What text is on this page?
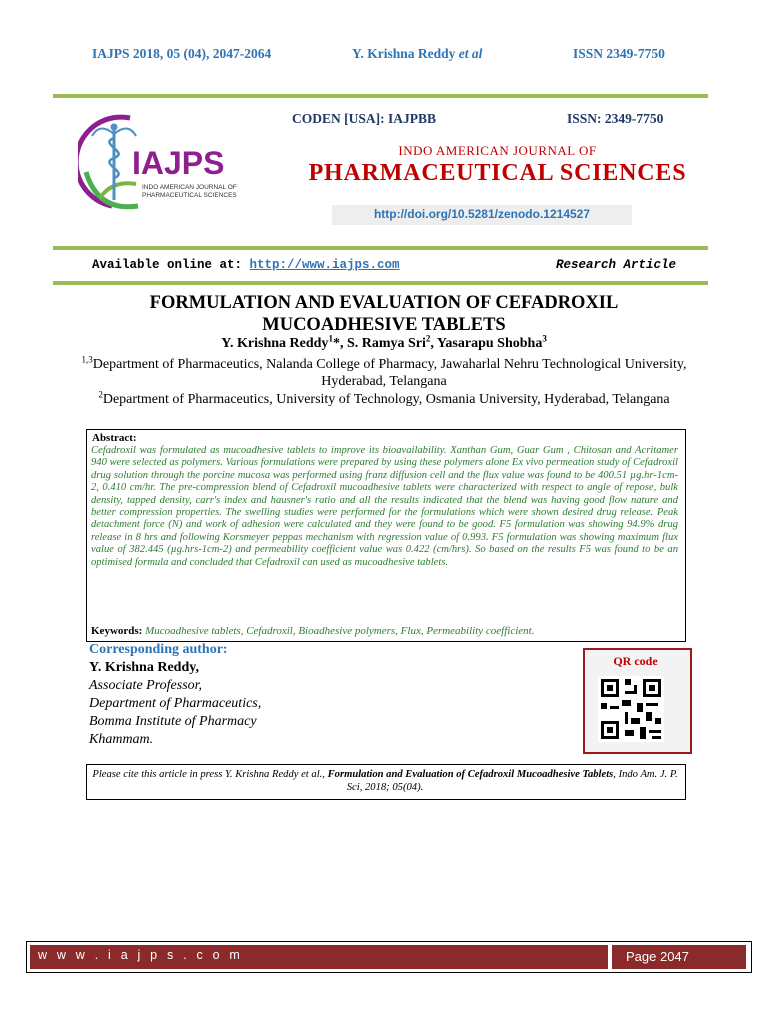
IAJPS 2018, 05 (04), 2047-2064	Y. Krishna Reddy et al	ISSN 2349-7750
IAJPS
INDO AMERICAN JOURNAL OF
PHARMACEUTICAL SCIENCES
CODEN [USA]: IAJPBB	ISSN: 2349-7750
INDO AMERICAN JOURNAL OF
PHARMACEUTICAL SCIENCES
http://doi.org/10.5281/zenodo.1214527
Available online at: http://www.iajps.com	Research Article
FORMULATION AND EVALUATION OF CEFADROXIL
MUCOADHESIVE TABLETS
Y. Krishna Reddy$^1$*, S. Ramya Sri$^2$, Yasarapu Shobha$^3$
$^{1,3}$Department of Pharmaceutics, Nalanda College of Pharmacy, Jawaharlal Nehru Technological University, Hyderabad, Telangana
$^2$Department of Pharmaceutics, University of Technology, Osmania University, Hyderabad, Telangana
Abstract:
Cefadroxil was formulated as mucoadhesive tablets to improve its bioavailability. Xanthan Gum, Guar Gum , Chitosan and Acritamer 940 were selected as polymers. Various formulations were prepared by using these polymers alone Ex vivo permeation study of Cefadroxil drug solution through the porcine mucosa was performed using franz diffusion cell and the flux value was found to be 400.51 µg.hr-1cm-2, 0.410 cm/hr. The pre-compression blend of Cefadroxil mucoadhesive tablets were characterized with respect to angle of repose, bulk density, tapped density, carr's index and hausner's ratio and all the results indicated that the blend was having good flow nature and better compression properties. The swelling studies were performed for the formulations which were shown desired drug release. Peak detachment force (N) and work of adhesion were calculated and they were found to be good. F5 formulation was showing 94.9% drug release in 8 hrs and following Korsmeyer peppas mechanism with regression value of 0.993. F5 formulation was showing maximum flux value of 382.445 (µg.hrs-1cm-2) and permeability coefficient value was 0.422 (cm/hrs). So based on the results F5 was found to be an optimised formula and concluded that Cefadroxil can used as mucoadhesive tablets.
Keywords: Mucoadhesive tablets, Cefadroxil, Bioadhesive polymers, Flux, Permeability coefficient.
Corresponding author:
Y. Krishna Reddy,
Associate Professor,
Department of Pharmaceutics,
Bomma Institute of Pharmacy
Khammam.
QR code
Please cite this article in press Y. Krishna Reddy et al., Formulation and Evaluation of Cefadroxil Mucoadhesive Tablets, Indo Am. J. P. Sci, 2018; 05(04).
w w w . i a j p s . c o m	Page 2047
